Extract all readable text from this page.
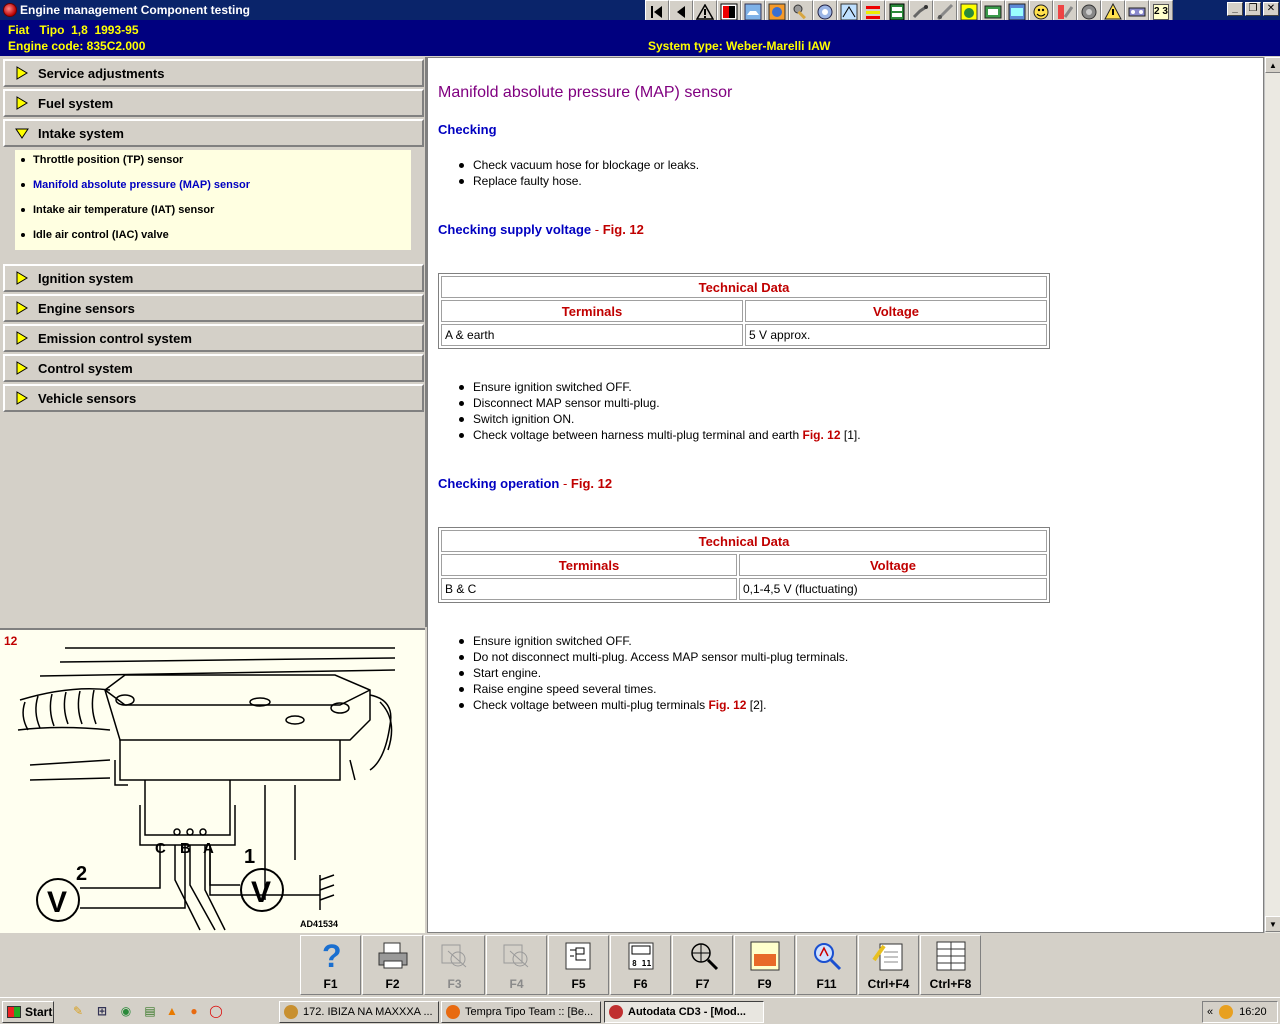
Engine management Component testing	2 3	_	❐ ✕
Fiat   Tipo  1,8  1993-95
Engine code: 835C2.000	System type: Weber-Marelli IAW
Service adjustments
Fuel system
Intake system
Throttle position (TP) sensor
Manifold absolute pressure (MAP) sensor
Intake air temperature (IAT) sensor
Idle air control (IAC) valve
Ignition system
Engine sensors
Emission control system
Control system
Vehicle sensors
12
C B A
V	V
2
1
AD41534
Manifold absolute pressure (MAP) sensor
Checking
Check vacuum hose for blockage or leaks.
Replace faulty hose.
Checking supply voltage - Fig. 12
Technical Data	
Terminals	Voltage
A & earth	5 V approx.
Ensure ignition switched OFF.
Disconnect MAP sensor multi-plug.
Switch ignition ON.
Check voltage between harness multi-plug terminal and earth Fig. 12 [1].
Checking operation - Fig. 12
Technical Data	
Terminals	Voltage
B & C	0,1-4,5 V (fluctuating)
Ensure ignition switched OFF.
Do not disconnect multi-plug. Access MAP sensor multi-plug terminals.
Start engine.
Raise engine speed several times.
Check voltage between multi-plug terminals Fig. 12 [2].
▲
▼
?
F1	F2	F3	F4	F5
8 11
F6	F7	F9	F11	Ctrl+F4 Ctrl+F8
Start ✎ ⊞ ◉ ▤ ▲	● ◯	172. IBIZA NA MAXXXA ...	Tempra Tipo Team :: [Be...	Autodata CD3 - [Mod...	« 16:20
